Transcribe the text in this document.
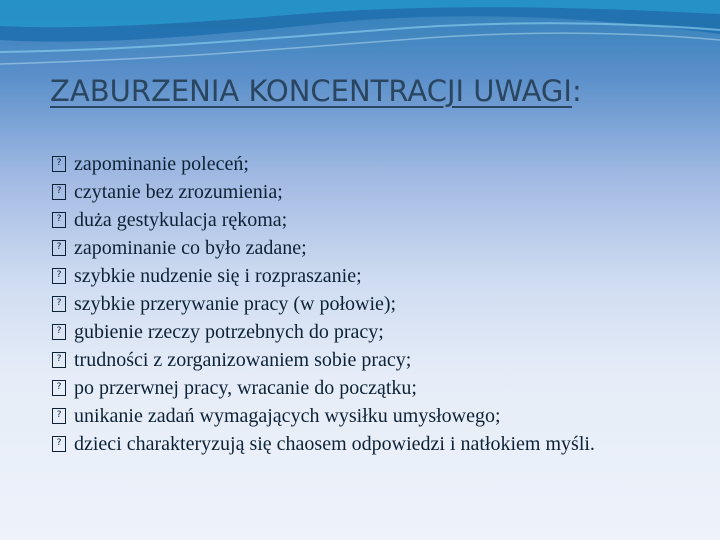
ZABURZENIA KONCENTRACJI UWAGI:
? zapominanie poleceń;
? czytanie bez zrozumienia;
? duża gestykulacja rękoma;
? zapominanie co było zadane;
? szybkie nudzenie się i rozpraszanie;
? szybkie przerywanie pracy (w połowie);
? gubienie rzeczy potrzebnych do pracy;
? trudności z zorganizowaniem sobie pracy;
? po przerwnej pracy, wracanie do początku;
? unikanie zadań wymagających wysiłku umysłowego;
? dzieci charakteryzują się chaosem odpowiedzi i natłokiem myśli.
